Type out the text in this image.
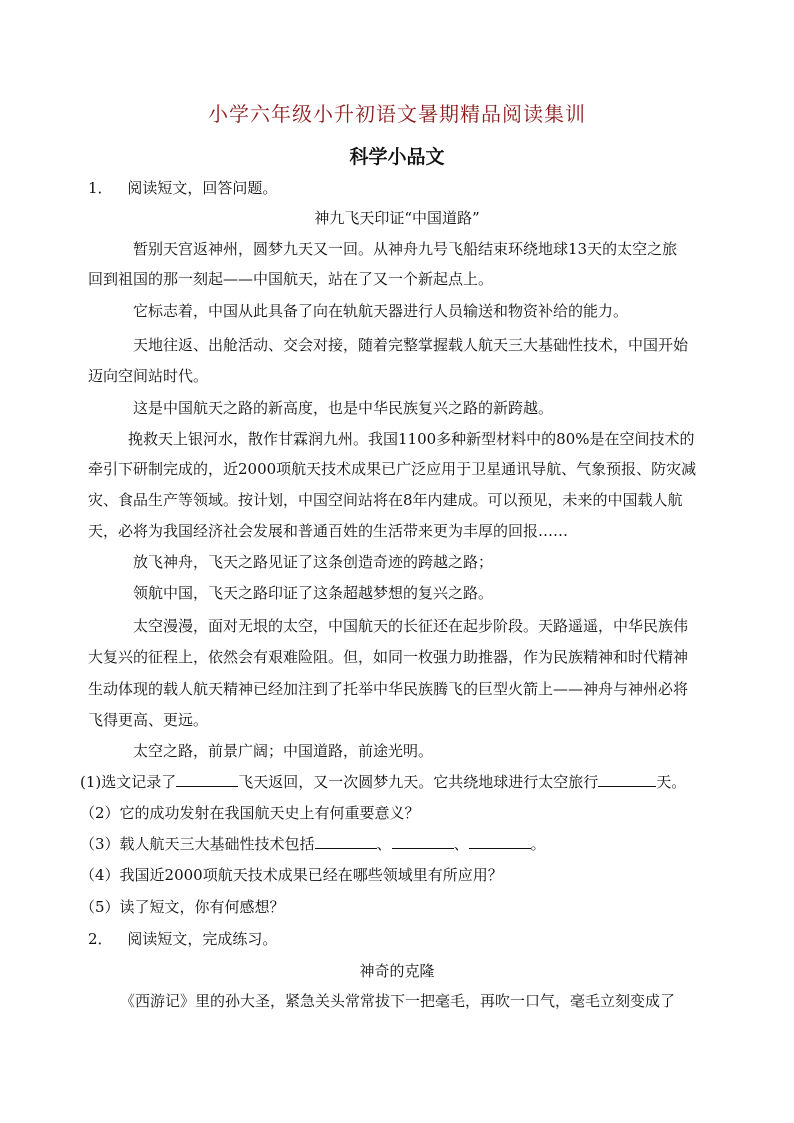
小学六年级小升初语文暑期精品阅读集训
科学小品文
1． 阅读短文，回答问题。
神九飞天印证“中国道路”
暂别天宫返神州，圆梦九天又一回。从神舟九号飞船结束环绕地球13天的太空之旅
回到祖国的那一刻起——中国航天，站在了又一个新起点上。
它标志着，中国从此具备了向在轨航天器进行人员输送和物资补给的能力。
天地往返、出舱活动、交会对接，随着完整掌握载人航天三大基础性技术，中国开始
迈向空间站时代。
这是中国航天之路的新高度，也是中华民族复兴之路的新跨越。
挽救天上银河水，散作甘霖润九州。我国1100多种新型材料中的80%是在空间技术的
牵引下研制完成的，近2000项航天技术成果已广泛应用于卫星通讯导航、气象预报、防灾减
灾、食品生产等领域。按计划，中国空间站将在8年内建成。可以预见，未来的中国载人航
天，必将为我国经济社会发展和普通百姓的生活带来更为丰厚的回报……
放飞神舟，飞天之路见证了这条创造奇迹的跨越之路；
领航中国，飞天之路印证了这条超越梦想的复兴之路。
太空漫漫，面对无垠的太空，中国航天的长征还在起步阶段。天路遥遥，中华民族伟
大复兴的征程上，依然会有艰难险阻。但，如同一枚强力助推器，作为民族精神和时代精神
生动体现的载人航天精神已经加注到了托举中华民族腾飞的巨型火箭上——神舟与神州必将
飞得更高、更远。
太空之路，前景广阔；中国道路，前途光明。
(1)选文记录了	飞天返回，又一次圆梦九天。它共绕地球进行太空旅行	天。
（2）它的成功发射在我国航天史上有何重要意义？
（3）载人航天三大基础性技术包括	、	、	。
（4）我国近2000项航天技术成果已经在哪些领域里有所应用？
（5）读了短文，你有何感想？
2． 阅读短文，完成练习。
神奇的克隆
《西游记》里的孙大圣，紧急关头常常拔下一把毫毛，再吹一口气，毫毛立刻变成了
